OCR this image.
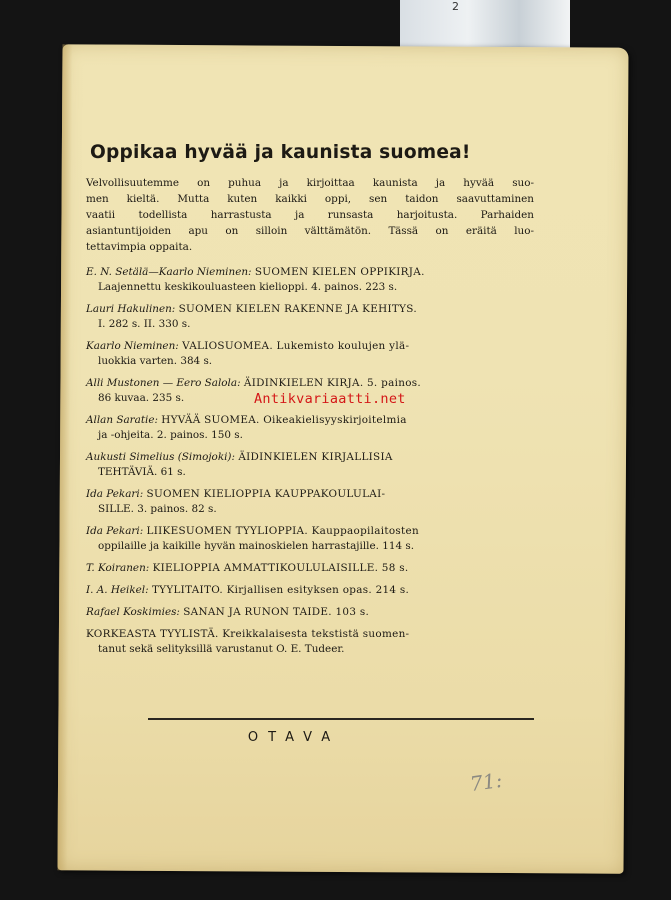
2
Oppikaa hyvää ja kaunista suomea!
Velvollisuutemme on puhua ja kirjoittaa kaunista ja hyvää suo-
men kieltä. Mutta kuten kaikki oppi, sen taidon saavuttaminen
vaatii todellista harrastusta ja runsasta harjoitusta. Parhaiden
asiantuntijoiden apu on silloin välttämätön. Tässä on eräitä luo-
tettavimpia oppaita.
E. N. Setälä—Kaarlo Nieminen: SUOMEN KIELEN OPPIKIRJA.
Laajennettu keskikouluasteen kielioppi. 4. painos. 223 s.
Lauri Hakulinen: SUOMEN KIELEN RAKENNE JA KEHITYS.
I. 282 s. II. 330 s.
Kaarlo Nieminen: VALIOSUOMEA. Lukemisto koulujen ylä-
luokkia varten. 384 s.
Alli Mustonen — Eero Salola: ÄIDINKIELEN KIRJA. 5. painos.
86 kuvaa. 235 s.
Allan Saratie: HYVÄÄ SUOMEA. Oikeakielisyyskirjoitelmia
ja -ohjeita. 2. painos. 150 s.
Aukusti Simelius (Simojoki): ÄIDINKIELEN KIRJALLISIA
TEHTÄVIÄ. 61 s.
Ida Pekari: SUOMEN KIELIOPPIA KAUPPAKOULULAI-
SILLE. 3. painos. 82 s.
Ida Pekari: LIIKESUOMEN TYYLIOPPIA. Kauppaopilaitosten
oppilaille ja kaikille hyvän mainoskielen harrastajille. 114 s.
T. Koiranen: KIELIOPPIA AMMATTIKOULULAISILLE. 58 s.
I. A. Heikel: TYYLITAITO. Kirjallisen esityksen opas. 214 s.
Rafael Koskimies: SANAN JA RUNON TAIDE. 103 s.
KORKEASTA TYYLISTÄ. Kreikkalaisesta tekstistä suomen-
tanut sekä selityksillä varustanut O. E. Tudeer.
OTAVA
Antikvariaatti.net
71:
